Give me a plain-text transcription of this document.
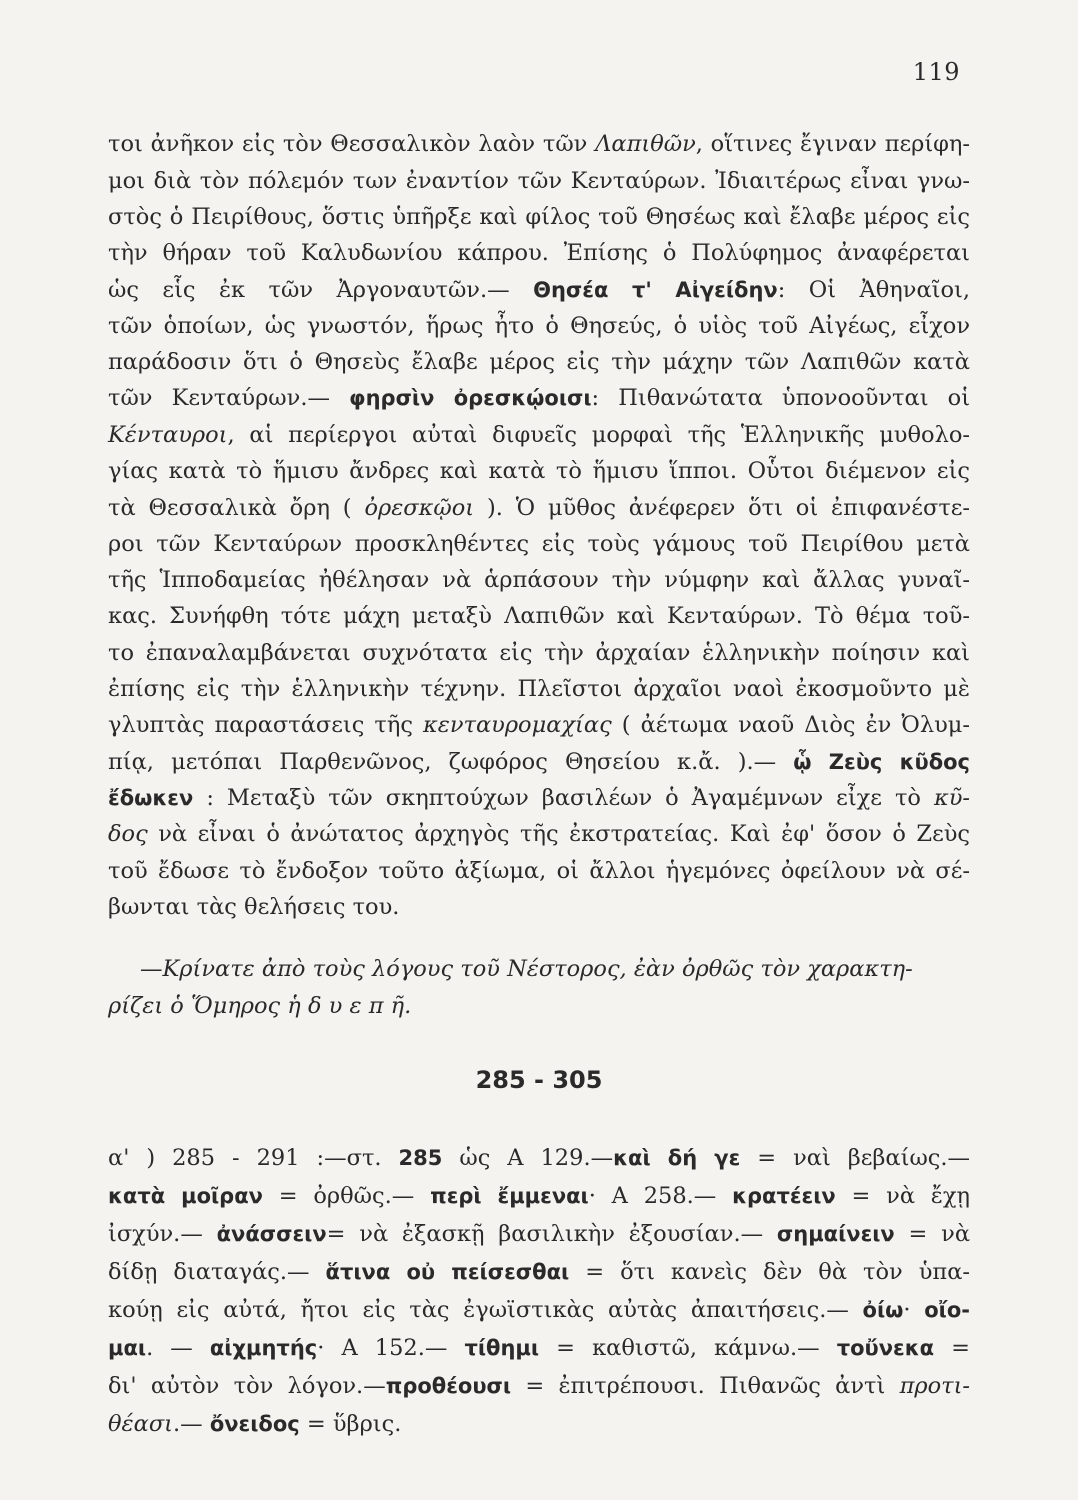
119
τοι ἀνῆκον εἰς τὸν Θεσσαλικὸν λαὸν τῶν Λαπιθῶν, οἵτινες ἔγιναν περίφη-
μοι διὰ τὸν πόλεμόν των ἐναντίον τῶν Κενταύρων. Ἰδιαιτέρως εἶναι γνω-
στὸς ὁ Πειρίθους, ὅστις ὑπῆρξε καὶ φίλος τοῦ Θησέως καὶ ἔλαβε μέρος εἰς
τὴν θήραν τοῦ Καλυδωνίου κάπρου. Ἐπίσης ὁ Πολύφημος ἀναφέρεται
ὡς εἷς ἐκ τῶν Ἀργοναυτῶν.— Θησέα τ' Αἰγείδην: Οἱ Ἀθηναῖοι,
τῶν ὁποίων, ὡς γνωστόν, ἥρως ἦτο ὁ Θησεύς, ὁ υἱὸς τοῦ Αἰγέως, εἶχον
παράδοσιν ὅτι ὁ Θησεὺς ἔλαβε μέρος εἰς τὴν μάχην τῶν Λαπιθῶν κατὰ
τῶν Κενταύρων.— φηρσὶν ὀρεσκῴοισι: Πιθανώτατα ὑπονοοῦνται οἱ
Κένταυροι, αἱ περίεργοι αὐταὶ διφυεῖς μορφαὶ τῆς Ἑλληνικῆς μυθολο-
γίας κατὰ τὸ ἥμισυ ἄνδρες καὶ κατὰ τὸ ἥμισυ ἵπποι. Οὗτοι διέμενον εἰς
τὰ Θεσσαλικὰ ὄρη ( ὀρεσκῷοι ). Ὁ μῦθος ἀνέφερεν ὅτι οἱ ἐπιφανέστε-
ροι τῶν Κενταύρων προσκληθέντες εἰς τοὺς γάμους τοῦ Πειρίθου μετὰ
τῆς Ἱπποδαμείας ἠθέλησαν νὰ ἁρπάσουν τὴν νύμφην καὶ ἄλλας γυναῖ-
κας. Συνήφθη τότε μάχη μεταξὺ Λαπιθῶν καὶ Κενταύρων. Τὸ θέμα τοῦ-
το ἐπαναλαμβάνεται συχνότατα εἰς τὴν ἀρχαίαν ἑλληνικὴν ποίησιν καὶ
ἐπίσης εἰς τὴν ἑλληνικὴν τέχνην. Πλεῖστοι ἀρχαῖοι ναοὶ ἐκοσμοῦντο μὲ
γλυπτὰς παραστάσεις τῆς κενταυρομαχίας ( ἀέτωμα ναοῦ Διὸς ἐν Ὀλυμ-
πίᾳ, μετόπαι Παρθενῶνος, ζωφόρος Θησείου κ.ἄ. ).— ᾧ Ζεὺς κῦδος
ἔδωκεν : Μεταξὺ τῶν σκηπτούχων βασιλέων ὁ Ἀγαμέμνων εἶχε τὸ κῦ-
δος νὰ εἶναι ὁ ἀνώτατος ἀρχηγὸς τῆς ἐκστρατείας. Καὶ ἐφ' ὅσον ὁ Ζεὺς
τοῦ ἔδωσε τὸ ἔνδοξον τοῦτο ἀξίωμα, οἱ ἄλλοι ἡγεμόνες ὀφείλουν νὰ σέ-
βωνται τὰς θελήσεις του.
—Κρίνατε ἀπὸ τοὺς λόγους τοῦ Νέστορος, ἐὰν ὀρθῶς τὸν χαρακτη-
ρίζει ὁ Ὅμηρος ἡ δ υ ε π ῆ.
285 - 305
α' ) 285 - 291 :—στ. 285 ὡς Α 129.—καὶ δή γε = ναὶ βεβαίως.—
κατὰ μοῖραν = ὀρθῶς.— περὶ ἔμμεναι· Α 258.— κρατέειν = νὰ ἔχῃ
ἰσχύν.— ἀνάσσειν= νὰ ἐξασκῇ βασιλικὴν ἐξουσίαν.— σημαίνειν = νὰ
δίδῃ διαταγάς.— ἅτινα οὐ πείσεσθαι = ὅτι κανεὶς δὲν θὰ τὸν ὑπα-
κούῃ εἰς αὐτά, ἤτοι εἰς τὰς ἐγωϊστικὰς αὐτὰς ἀπαιτήσεις.— ὀίω· οἴο-
μαι. — αἰχμητής· Α 152.— τίθημι = καθιστῶ, κάμνω.— τοὔνεκα =
δι' αὐτὸν τὸν λόγον.—προθέουσι = ἐπιτρέπουσι. Πιθανῶς ἀντὶ προτι-
θέασι.— ὄνειδος = ὕβρις.
